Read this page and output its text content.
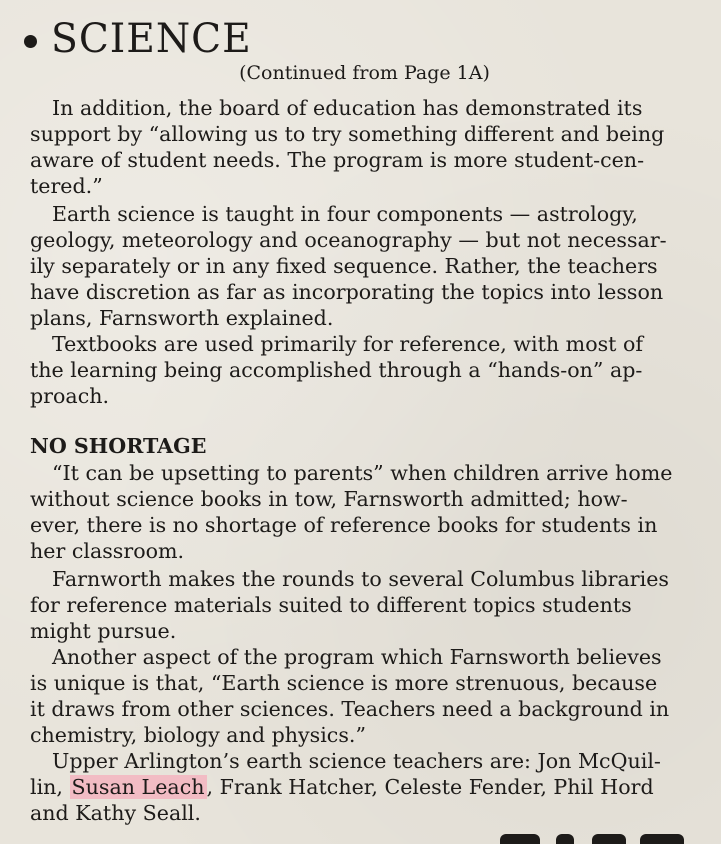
SCIENCE
(Continued from Page 1A)
In addition, the board of education has demonstrated its
support by “allowing us to try something different and being
aware of student needs. The program is more student-cen-
tered.”
Earth science is taught in four components — astrology,
geology, meteorology and oceanography — but not necessar-
ily separately or in any fixed sequence. Rather, the teachers
have discretion as far as incorporating the topics into lesson
plans, Farnsworth explained.
Textbooks are used primarily for reference, with most of
the learning being accomplished through a “hands-on” ap-
proach.
NO SHORTAGE
“It can be upsetting to parents” when children arrive home
without science books in tow, Farnsworth admitted; how-
ever, there is no shortage of reference books for students in
her classroom.
Farnworth makes the rounds to several Columbus libraries
for reference materials suited to different topics students
might pursue.
Another aspect of the program which Farnsworth believes
is unique is that, “Earth science is more strenuous, because
it draws from other sciences. Teachers need a background in
chemistry, biology and physics.”
Upper Arlington’s earth science teachers are: Jon McQuil-
lin, Susan Leach, Frank Hatcher, Celeste Fender, Phil Hord
and Kathy Seall.
